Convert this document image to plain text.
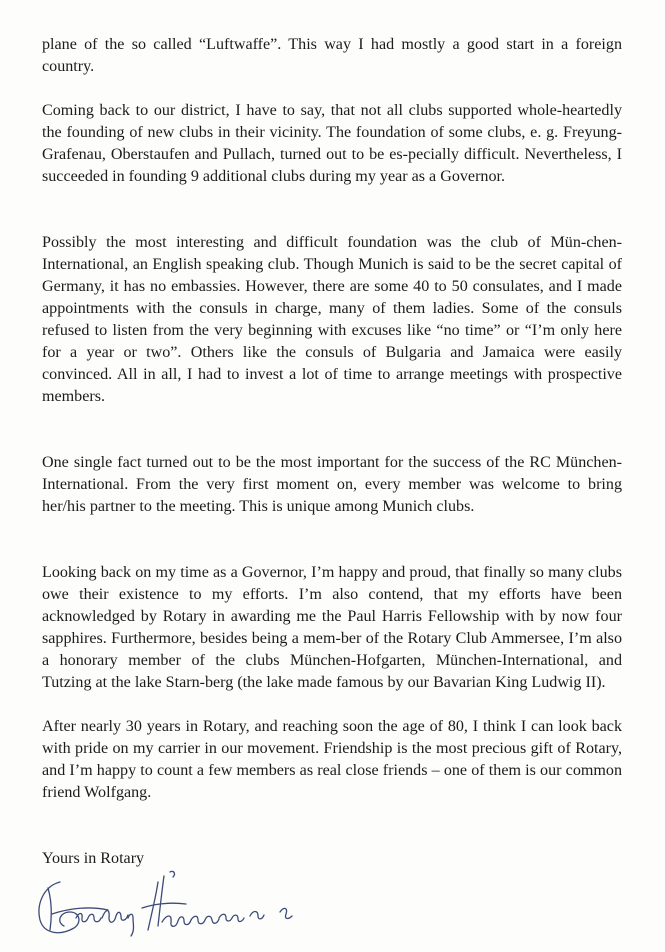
plane of the so called “Luftwaffe”. This way I had mostly a good start in a foreign country.

Coming back to our district, I have to say, that not all clubs supported whole-heartedly the founding of new clubs in their vicinity. The foundation of some clubs, e. g. Freyung-Grafenau, Oberstaufen and Pullach, turned out to be es-pecially difficult. Nevertheless, I succeeded in founding 9 additional clubs during my year as a Governor.

Possibly the most interesting and difficult foundation was the club of Mün-chen-International, an English speaking club. Though Munich is said to be the secret capital of Germany, it has no embassies. However, there are some 40 to 50 consulates, and I made appointments with the consuls in charge, many of them ladies. Some of the consuls refused to listen from the very beginning with excuses like “no time” or “I’m only here for a year or two”. Others like the consuls of Bulgaria and Jamaica were easily convinced. All in all, I had to invest a lot of time to arrange meetings with prospective members.

One single fact turned out to be the most important for the success of the RC München-International. From the very first moment on, every member was welcome to bring her/his partner to the meeting. This is unique among Munich clubs.

Looking back on my time as a Governor, I’m happy and proud, that finally so many clubs owe their existence to my efforts. I’m also contend, that my efforts have been acknowledged by Rotary in awarding me the Paul Harris Fellowship with by now four sapphires. Furthermore, besides being a mem-ber of the Rotary Club Ammersee, I’m also a honorary member of the clubs München-Hofgarten, München-International, and Tutzing at the lake Starn-berg (the lake made famous by our Bavarian King Ludwig II).

After nearly 30 years in Rotary, and reaching soon the age of 80, I think I can look back with pride on my carrier in our movement. Friendship is the most precious gift of Rotary, and I’m happy to count a few members as real close friends – one of them is our common friend Wolfgang.

Yours in Rotary
